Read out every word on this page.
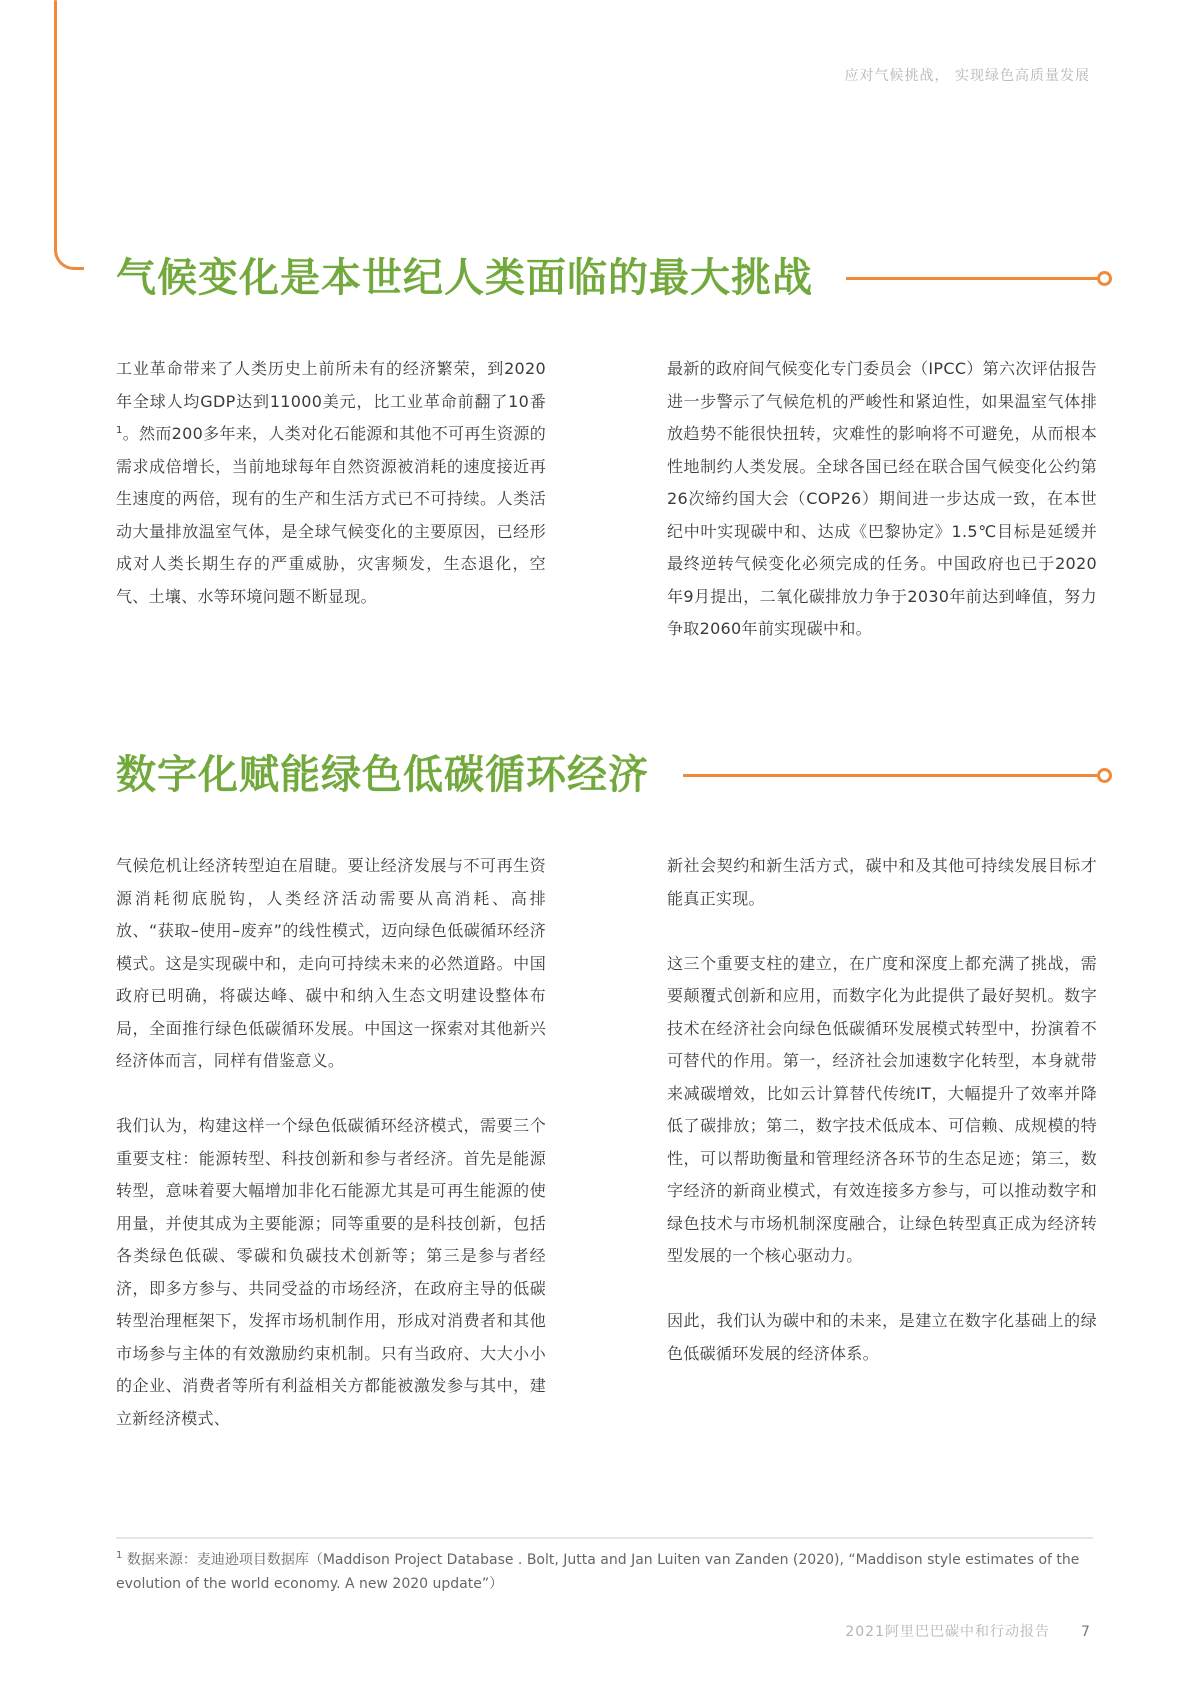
应对气候挑战， 实现绿色高质量发展
气候变化是本世纪人类面临的最大挑战

工业革命带来了人类历史上前所未有的经济繁荣，到2020年全球人均GDP达到11000美元，比工业革命前翻了10番$^1$。然而200多年来，人类对化石能源和其他不可再生资源的需求成倍增长，当前地球每年自然资源被消耗的速度接近再生速度的两倍，现有的生产和生活方式已不可持续。人类活动大量排放温室气体，是全球气候变化的主要原因，已经形成对人类长期生存的严重威胁，灾害频发，生态退化，空气、土壤、水等环境问题不断显现。

最新的政府间气候变化专门委员会（IPCC）第六次评估报告进一步警示了气候危机的严峻性和紧迫性，如果温室气体排放趋势不能很快扭转，灾难性的影响将不可避免，从而根本性地制约人类发展。全球各国已经在联合国气候变化公约第26次缔约国大会（COP26）期间进一步达成一致，在本世纪中叶实现碳中和、达成《巴黎协定》1.5℃目标是延缓并最终逆转气候变化必须完成的任务。中国政府也已于2020年9月提出，二氧化碳排放力争于2030年前达到峰值，努力争取2060年前实现碳中和。

数字化赋能绿色低碳循环经济

气候危机让经济转型迫在眉睫。要让经济发展与不可再生资源消耗彻底脱钩，人类经济活动需要从高消耗、高排放、“获取–使用–废弃”的线性模式，迈向绿色低碳循环经济模式。这是实现碳中和，走向可持续未来的必然道路。中国政府已明确，将碳达峰、碳中和纳入生态文明建设整体布局，全面推行绿色低碳循环发展。中国这一探索对其他新兴经济体而言，同样有借鉴意义。

我们认为，构建这样一个绿色低碳循环经济模式，需要三个重要支柱：能源转型、科技创新和参与者经济。首先是能源转型，意味着要大幅增加非化石能源尤其是可再生能源的使用量，并使其成为主要能源；同等重要的是科技创新，包括各类绿色低碳、零碳和负碳技术创新等；第三是参与者经济，即多方参与、共同受益的市场经济，在政府主导的低碳转型治理框架下，发挥市场机制作用，形成对消费者和其他市场参与主体的有效激励约束机制。只有当政府、大大小小的企业、消费者等所有利益相关方都能被激发参与其中，建立新经济模式、

新社会契约和新生活方式，碳中和及其他可持续发展目标才能真正实现。

这三个重要支柱的建立，在广度和深度上都充满了挑战，需要颠覆式创新和应用，而数字化为此提供了最好契机。数字技术在经济社会向绿色低碳循环发展模式转型中，扮演着不可替代的作用。第一，经济社会加速数字化转型，本身就带来减碳增效，比如云计算替代传统IT，大幅提升了效率并降低了碳排放；第二，数字技术低成本、可信赖、成规模的特性，可以帮助衡量和管理经济各环节的生态足迹；第三，数字经济的新商业模式，有效连接多方参与，可以推动数字和绿色技术与市场机制深度融合，让绿色转型真正成为经济转型发展的一个核心驱动力。

因此，我们认为碳中和的未来，是建立在数字化基础上的绿色低碳循环发展的经济体系。

$^1$ 数据来源：麦迪逊项目数据库（Maddison Project Database . Bolt, Jutta and Jan Luiten van Zanden (2020), “Maddison style estimates of the evolution of the world economy. A new 2020 update”）
2021阿里巴巴碳中和行动报告 7
